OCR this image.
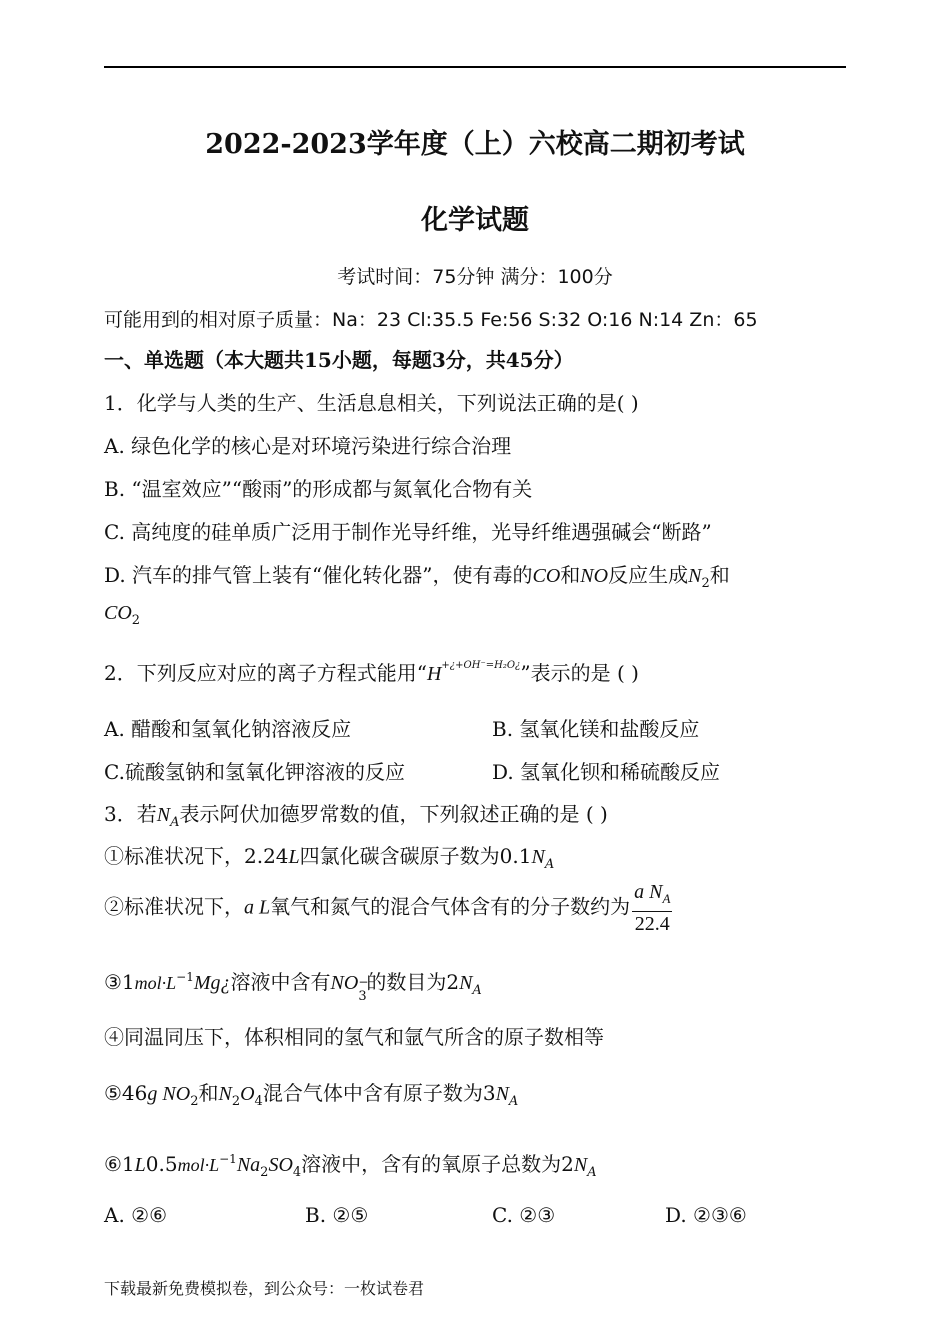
2022-2023学年度（上）六校高二期初考试
化学试题
考试时间：75分钟 满分：100分
可能用到的相对原子质量：Na：23 Cl:35.5 Fe:56 S:32 O:16 N:14 Zn：65
一、单选题（本大题共15小题，每题3分，共45分）
1．化学与人类的生产、生活息息相关，下列说法正确的是( )
A. 绿色化学的核心是对环境污染进行综合治理
B. “温室效应”“酸雨”的形成都与氮氧化合物有关
C. 高纯度的硅单质广泛用于制作光导纤维，光导纤维遇强碱会“断路”
D. 汽车的排气管上装有“催化转化器”，使有毒的CO和NO反应生成$N_2$和
$CO_2$
2．下列反应对应的离子方程式能用“$H^{+¿+OH^-=H_2O¿}$”表示的是 ( )
A. 醋酸和氢氧化钠溶液反应	B. 氢氧化镁和盐酸反应
C.硫酸氢钠和氢氧化钾溶液的反应	D. 氢氧化钡和稀硫酸反应
3．若$N_A$表示阿伏加德罗常数的值，下列叙述正确的是 ( )
①标准状况下，2.24L四氯化碳含碳原子数为$0.1N_A$
②标准状况下，a L氧气和氮气的混合气体含有的分子数约为 $\frac{a N_A}{22.4}$
$③1mol\cdot L^{-1}Mg¿$溶液中含有NO −
3
的数目为$2N_A$
④同温同压下，体积相同的氢气和氩气所含的原子数相等
⑤46g $NO_2$和$N_2O_4$混合气体中含有原子数为$3N_A$
$⑥1L0.5mol\cdot L^{-1}Na_2SO_4$溶液中，含有的氧原子总数为$2N_A$
A. ②⑥	B. ②⑤	C. ②③	D. ②③⑥
下载最新免费模拟卷，到公众号：一枚试卷君
